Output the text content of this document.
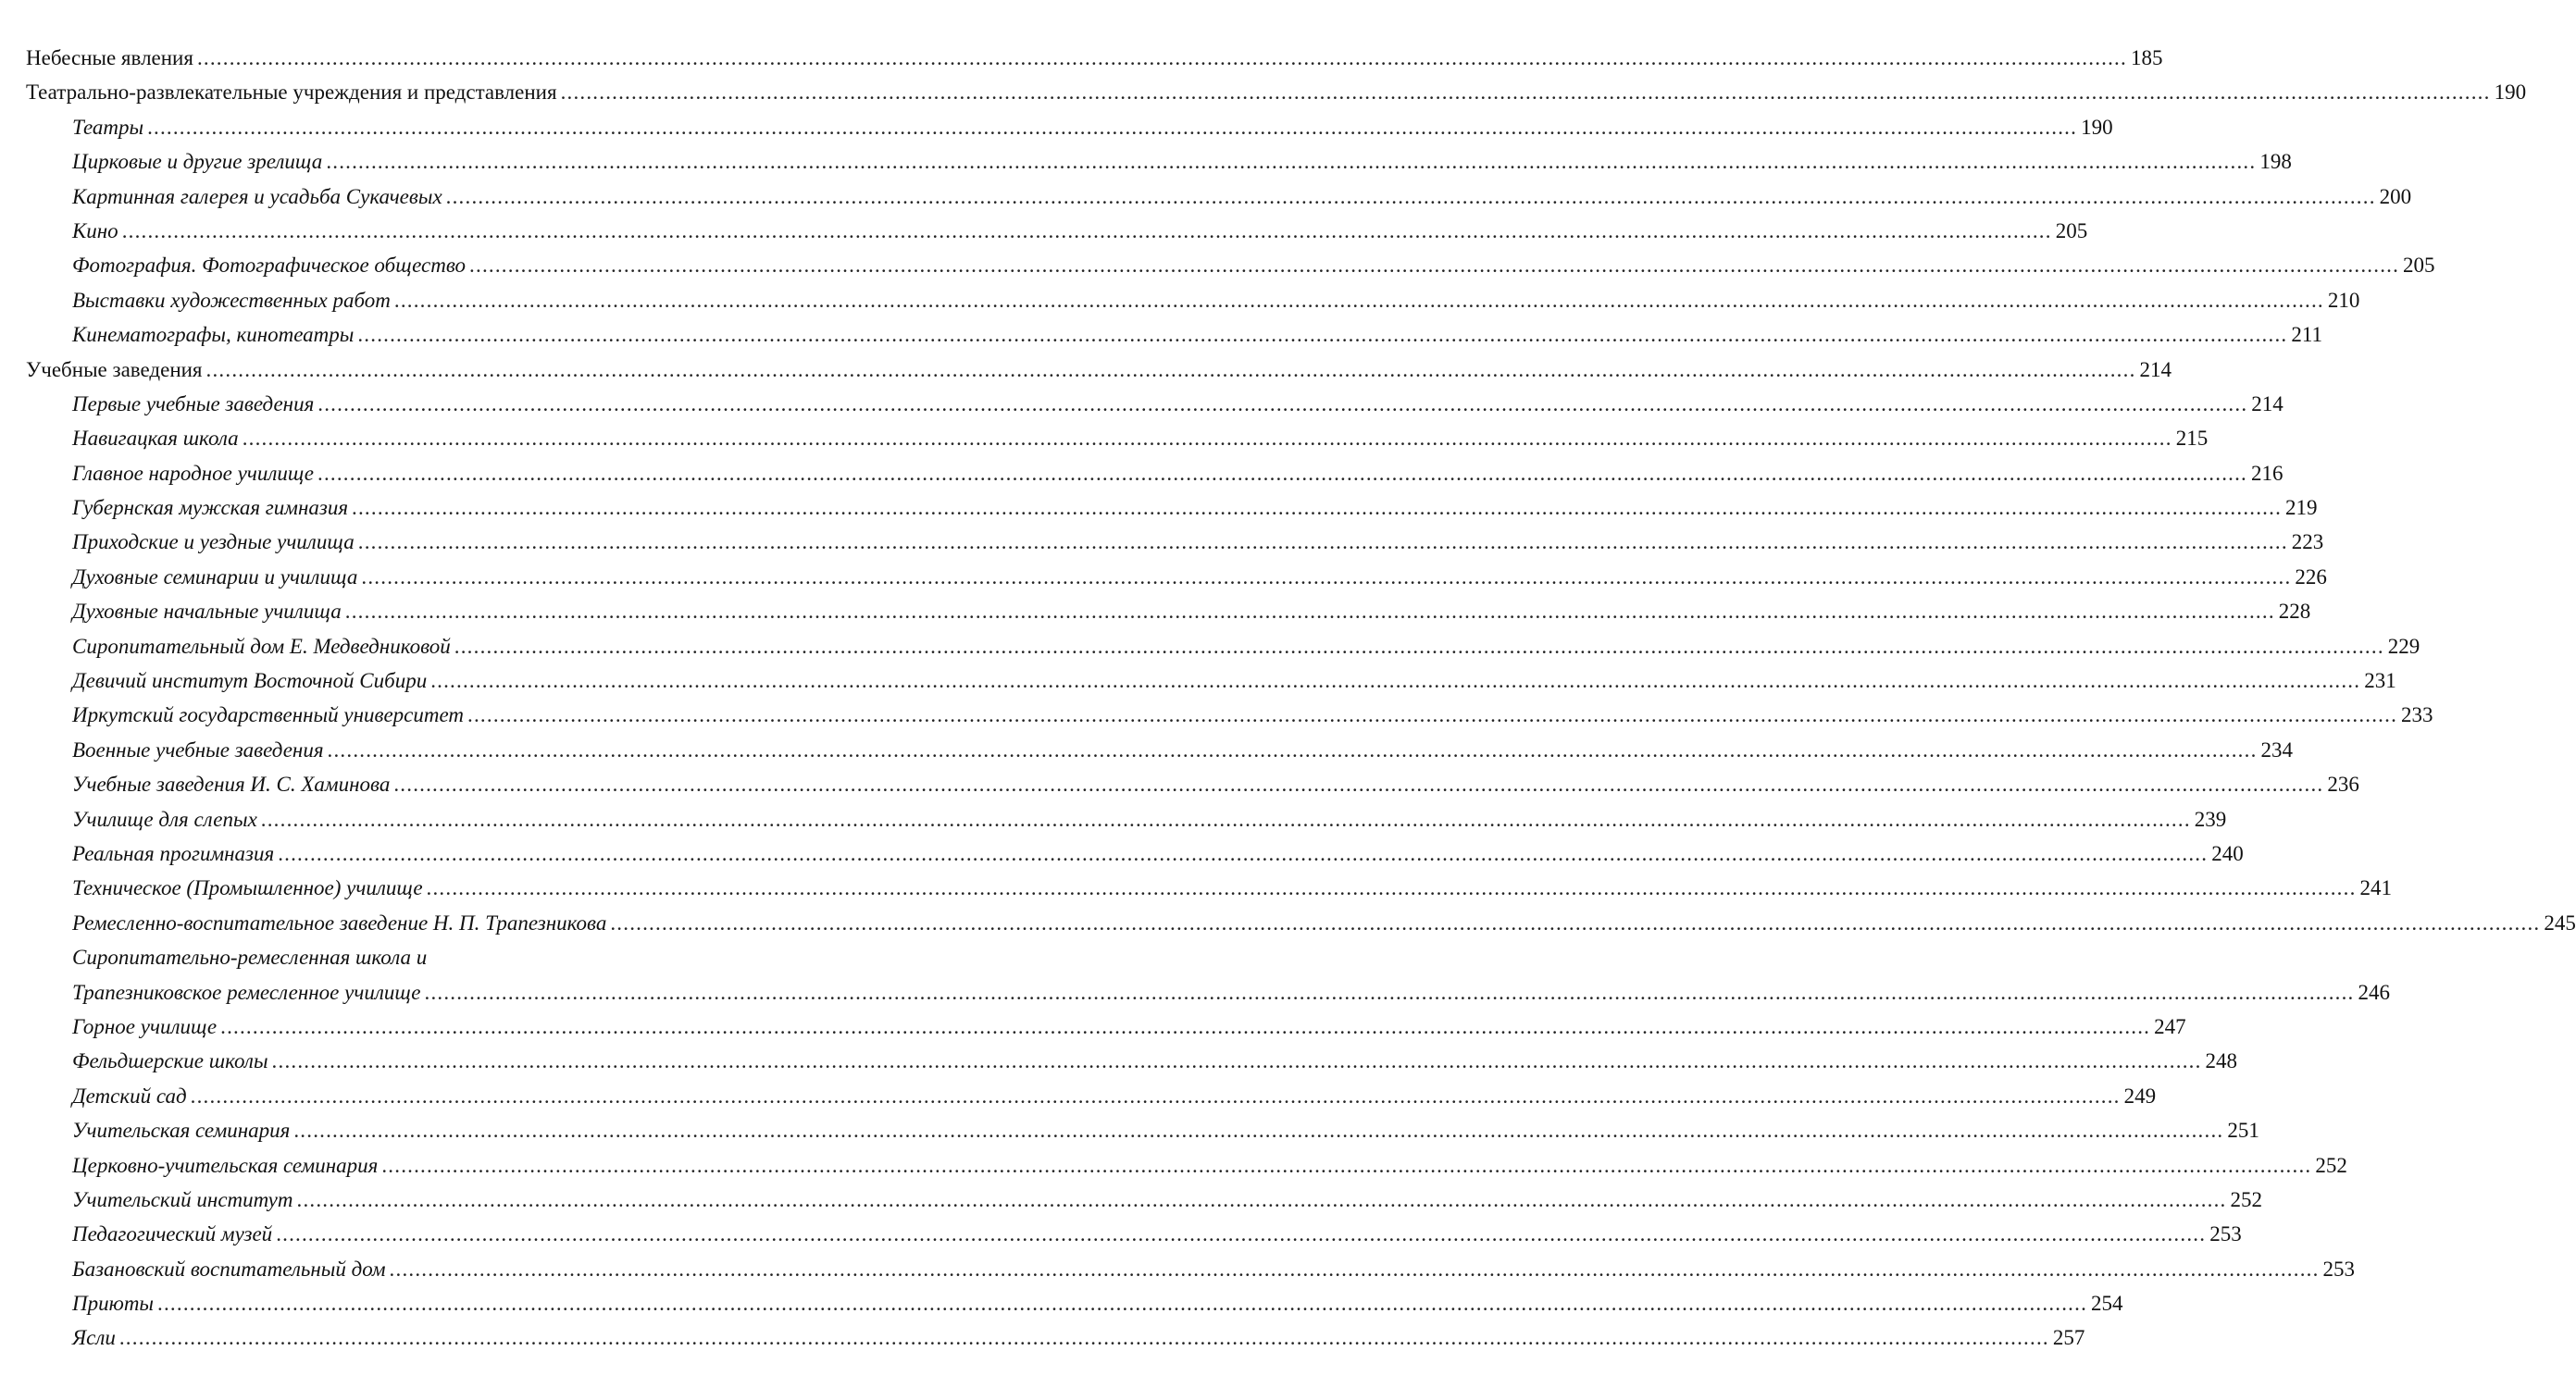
Небесные явления ............................................................................................................................................................................................................................................................................................................ 185
Театрально-развлекательные учреждения и представления ............................................................................................................................................................................................................................................................................................................ 190
Театры ............................................................................................................................................................................................................................................................................................................ 190
Цирковые и другие зрелища ............................................................................................................................................................................................................................................................................................................ 198
Картинная галерея и усадьба Сукачевых ............................................................................................................................................................................................................................................................................................................ 200
Кино ............................................................................................................................................................................................................................................................................................................ 205
Фотография. Фотографическое общество ............................................................................................................................................................................................................................................................................................................ 205
Выставки художественных работ ............................................................................................................................................................................................................................................................................................................ 210
Кинематографы, кинотеатры ............................................................................................................................................................................................................................................................................................................ 211
Учебные заведения ............................................................................................................................................................................................................................................................................................................ 214
Первые учебные заведения ............................................................................................................................................................................................................................................................................................................ 214
Навигацкая школа ............................................................................................................................................................................................................................................................................................................ 215
Главное народное училище ............................................................................................................................................................................................................................................................................................................ 216
Губернская мужская гимназия ............................................................................................................................................................................................................................................................................................................ 219
Приходские и уездные училища ............................................................................................................................................................................................................................................................................................................ 223
Духовные семинарии и училища ............................................................................................................................................................................................................................................................................................................ 226
Духовные начальные училища ............................................................................................................................................................................................................................................................................................................ 228
Сиропитательный дом Е. Медведниковой ............................................................................................................................................................................................................................................................................................................ 229
Девичий институт Восточной Сибири ............................................................................................................................................................................................................................................................................................................ 231
Иркутский государственный университет ............................................................................................................................................................................................................................................................................................................ 233
Военные учебные заведения ............................................................................................................................................................................................................................................................................................................ 234
Учебные заведения И. С. Хаминова ............................................................................................................................................................................................................................................................................................................ 236
Училище для слепых ............................................................................................................................................................................................................................................................................................................ 239
Реальная прогимназия ............................................................................................................................................................................................................................................................................................................ 240
Техническое (Промышленное) училище ............................................................................................................................................................................................................................................................................................................ 241
Ремесленно-воспитательное заведение Н. П. Трапезникова ............................................................................................................................................................................................................................................................................................................ 245
Сиропитательно-ремесленная школа и
Трапезниковское ремесленное училище ............................................................................................................................................................................................................................................................................................................ 246
Горное училище ............................................................................................................................................................................................................................................................................................................ 247
Фельдшерские школы ............................................................................................................................................................................................................................................................................................................ 248
Детский сад ............................................................................................................................................................................................................................................................................................................ 249
Учительская семинария ............................................................................................................................................................................................................................................................................................................ 251
Церковно-учительская семинария ............................................................................................................................................................................................................................................................................................................ 252
Учительский институт ............................................................................................................................................................................................................................................................................................................ 252
Педагогический музей ............................................................................................................................................................................................................................................................................................................ 253
Базановский воспитательный дом ............................................................................................................................................................................................................................................................................................................ 253
Приюты ............................................................................................................................................................................................................................................................................................................ 254
Ясли ............................................................................................................................................................................................................................................................................................................ 257
